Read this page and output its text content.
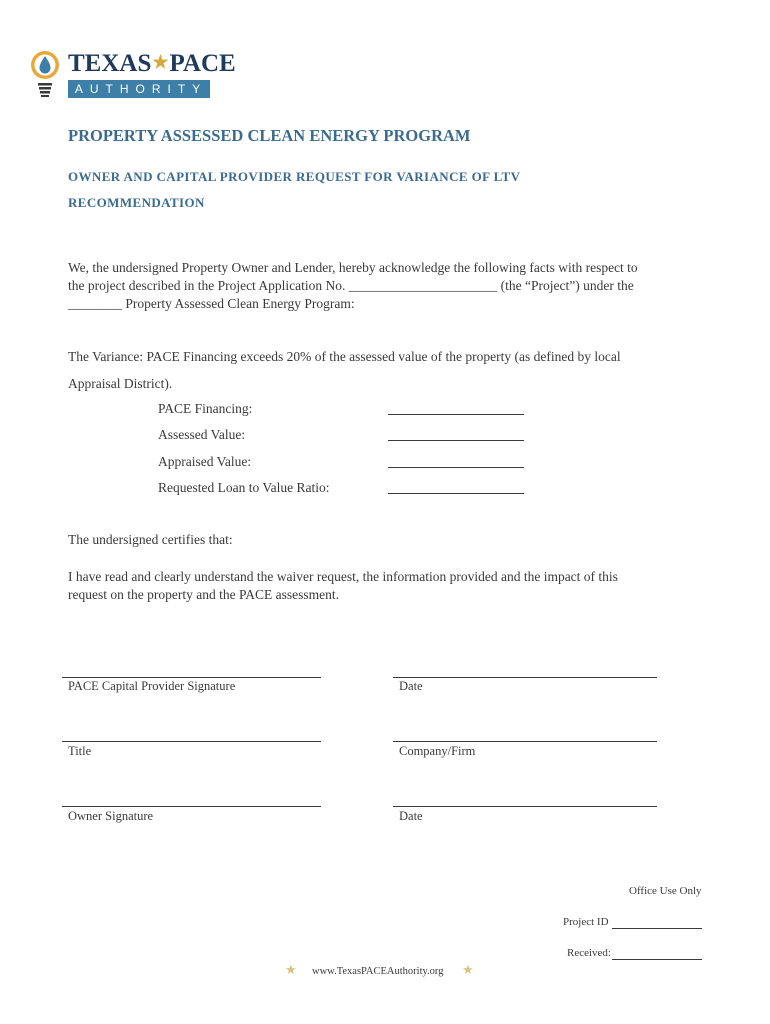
TEXAS★PACE
AUTHORITY
PROPERTY ASSESSED CLEAN ENERGY PROGRAM
OWNER AND CAPITAL PROVIDER REQUEST FOR VARIANCE OF LTV
RECOMMENDATION
We, the undersigned Property Owner and Lender, hereby acknowledge the following facts with respect to
the project described in the Project Application No. ______________________ (the “Project”) under the
________ Property Assessed Clean Energy Program:
The Variance: PACE Financing exceeds 20% of the assessed value of the property (as defined by local
Appraisal District).
PACE Financing:
Assessed Value:
Appraised Value:
Requested Loan to Value Ratio:
The undersigned certifies that:
I have read and clearly understand the waiver request, the information provided and the impact of this
request on the property and the PACE assessment.
PACE Capital Provider Signature	Date
Title	Company/Firm
Owner Signature	Date
Office Use Only
Project ID
Received:
★ www.TexasPACEAuthority.org ★
